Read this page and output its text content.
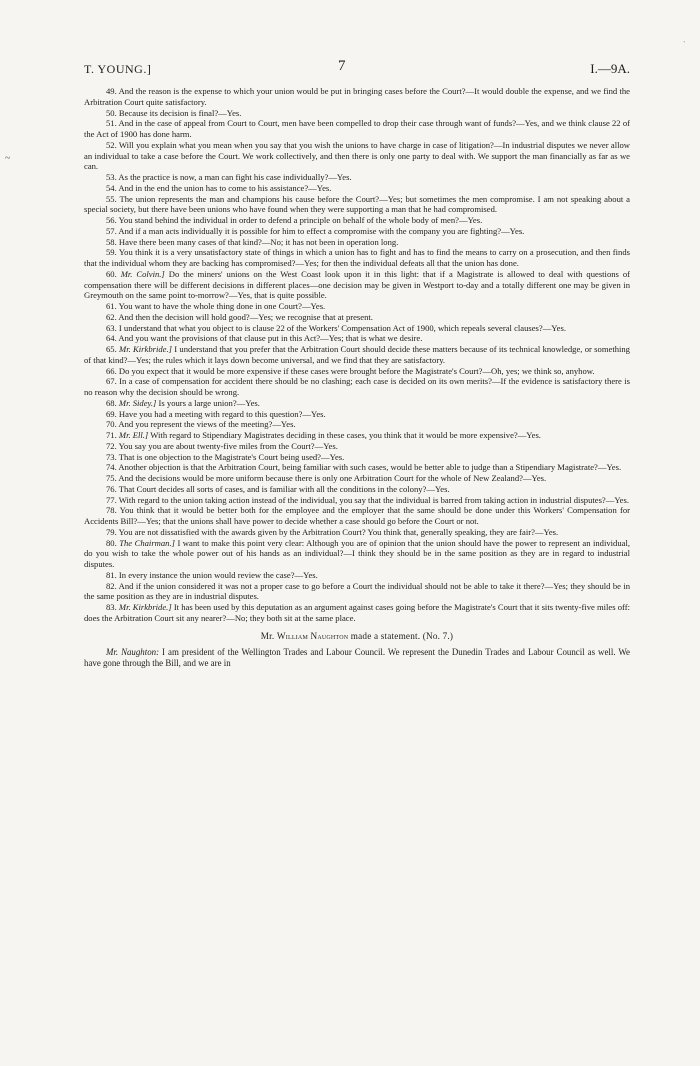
T. YOUNG.]	7	I.—9A.

49. And the reason is the expense to which your union would be put in bringing cases before the Court?—It would double the expense, and we find the Arbitration Court quite satisfactory.

50. Because its decision is final?—Yes.

51. And in the case of appeal from Court to Court, men have been compelled to drop their case through want of funds?—Yes, and we think clause 22 of the Act of 1900 has done harm.

52. Will you explain what you mean when you say that you wish the unions to have charge in case of litigation?—In industrial disputes we never allow an individual to take a case before the Court. We work collectively, and then there is only one party to deal with. We support the man financially as far as we can.

53. As the practice is now, a man can fight his case individually?—Yes.

54. And in the end the union has to come to his assistance?—Yes.

55. The union represents the man and champions his cause before the Court?—Yes; but sometimes the men compromise. I am not speaking about a special society, but there have been unions who have found when they were supporting a man that he had compromised.

56. You stand behind the individual in order to defend a principle on behalf of the whole body of men?—Yes.

57. And if a man acts individually it is possible for him to effect a compromise with the company you are fighting?—Yes.

58. Have there been many cases of that kind?—No; it has not been in operation long.

59. You think it is a very unsatisfactory state of things in which a union has to fight and has to find the means to carry on a prosecution, and then finds that the individual whom they are backing has compromised?—Yes; for then the individual defeats all that the union has done.

60. Mr. Colvin.] Do the miners' unions on the West Coast look upon it in this light: that if a Magistrate is allowed to deal with questions of compensation there will be different decisions in different places—one decision may be given in Westport to-day and a totally different one may be given in Greymouth on the same point to-morrow?—Yes, that is quite possible.

61. You want to have the whole thing done in one Court?—Yes.

62. And then the decision will hold good?—Yes; we recognise that at present.

63. I understand that what you object to is clause 22 of the Workers' Compensation Act of 1900, which repeals several clauses?—Yes.

64. And you want the provisions of that clause put in this Act?—Yes; that is what we desire.

65. Mr. Kirkbride.] I understand that you prefer that the Arbitration Court should decide these matters because of its technical knowledge, or something of that kind?—Yes; the rules which it lays down become universal, and we find that they are satisfactory.

66. Do you expect that it would be more expensive if these cases were brought before the Magistrate's Court?—Oh, yes; we think so, anyhow.

67. In a case of compensation for accident there should be no clashing; each case is decided on its own merits?—If the evidence is satisfactory there is no reason why the decision should be wrong.

68. Mr. Sidey.] Is yours a large union?—Yes.

69. Have you had a meeting with regard to this question?—Yes.

70. And you represent the views of the meeting?—Yes.

71. Mr. Ell.] With regard to Stipendiary Magistrates deciding in these cases, you think that it would be more expensive?—Yes.

72. You say you are about twenty-five miles from the Court?—Yes.

73. That is one objection to the Magistrate's Court being used?—Yes.

74. Another objection is that the Arbitration Court, being familiar with such cases, would be better able to judge than a Stipendiary Magistrate?—Yes.

75. And the decisions would be more uniform because there is only one Arbitration Court for the whole of New Zealand?—Yes.

76. That Court decides all sorts of cases, and is familiar with all the conditions in the colony?—Yes.

77. With regard to the union taking action instead of the individual, you say that the individual is barred from taking action in industrial disputes?—Yes.

78. You think that it would be better both for the employee and the employer that the same should be done under this Workers' Compensation for Accidents Bill?—Yes; that the unions shall have power to decide whether a case should go before the Court or not.

79. You are not dissatisfied with the awards given by the Arbitration Court? You think that, generally speaking, they are fair?—Yes.

80. The Chairman.] I want to make this point very clear: Although you are of opinion that the union should have the power to represent an individual, do you wish to take the whole power out of his hands as an individual?—I think they should be in the same position as they are in regard to industrial disputes.

81. In every instance the union would review the case?—Yes.

82. And if the union considered it was not a proper case to go before a Court the individual should not be able to take it there?—Yes; they should be in the same position as they are in industrial disputes.

83. Mr. Kirkbride.] It has been used by this deputation as an argument against cases going before the Magistrate's Court that it sits twenty-five miles off: does the Arbitration Court sit any nearer?—No; they both sit at the same place.

Mr. William Naughton made a statement. (No. 7.)

Mr. Naughton: I am president of the Wellington Trades and Labour Council. We represent the Dunedin Trades and Labour Council as well. We have gone through the Bill, and we are in

~
`
